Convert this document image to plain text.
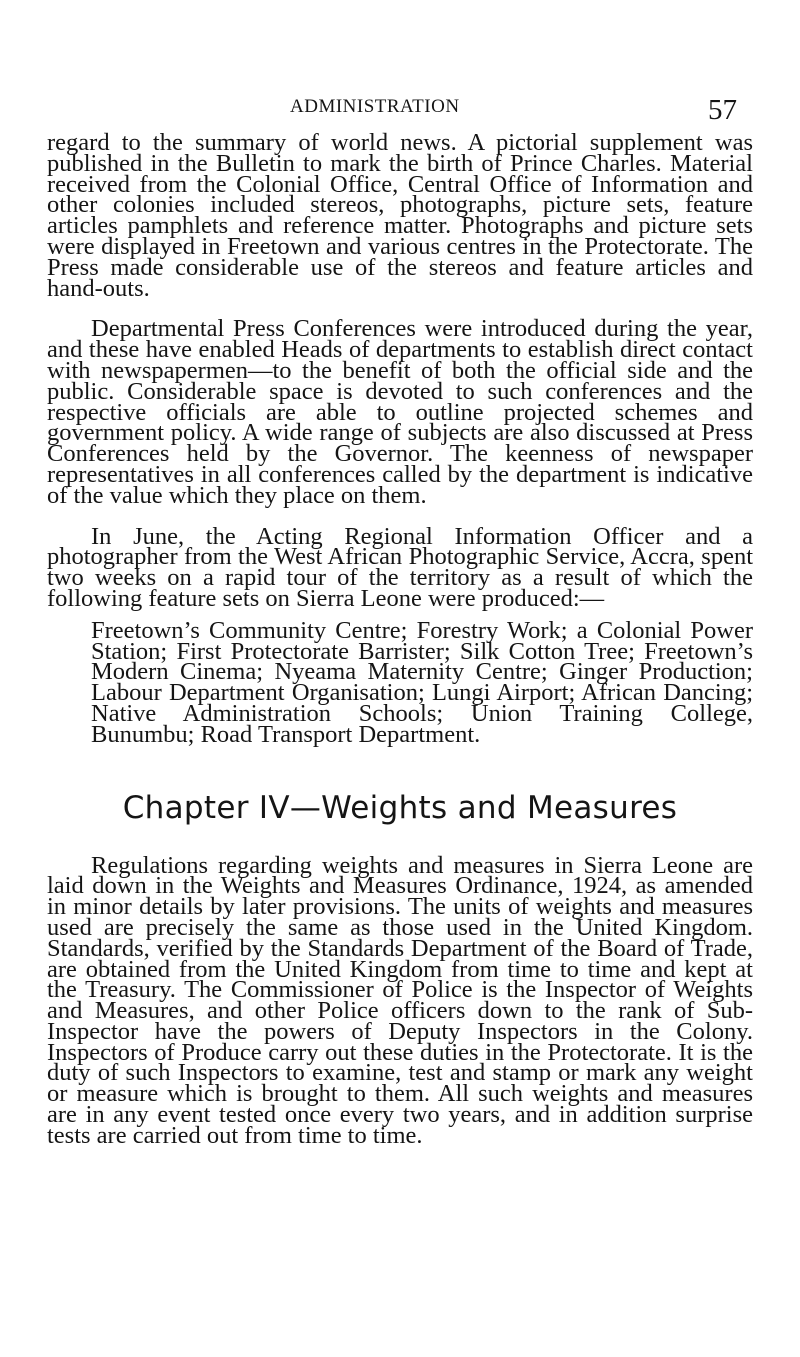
ADMINISTRATION	57

regard to the summary of world news. A pictorial supplement was published in the Bulletin to mark the birth of Prince Charles. Material received from the Colonial Office, Central Office of Information and other colonies included stereos, photographs, picture sets, feature articles pamphlets and reference matter. Photographs and picture sets were displayed in Freetown and various centres in the Protectorate. The Press made considerable use of the stereos and feature articles and hand-outs.

Departmental Press Conferences were introduced during the year, and these have enabled Heads of departments to establish direct contact with newspapermen—to the benefit of both the official side and the public. Considerable space is devoted to such conferences and the respective officials are able to outline projected schemes and government policy. A wide range of subjects are also discussed at Press Conferences held by the Governor. The keenness of newspaper representatives in all conferences called by the department is indicative of the value which they place on them.

In June, the Acting Regional Information Officer and a photographer from the West African Photographic Service, Accra, spent two weeks on a rapid tour of the territory as a result of which the following feature sets on Sierra Leone were produced:—

Freetown’s Community Centre; Forestry Work; a Colonial Power Station; First Protectorate Barrister; Silk Cotton Tree; Freetown’s Modern Cinema; Nyeama Maternity Centre; Ginger Production; Labour Department Organisation; Lungi Airport; African Dancing; Native Administration Schools; Union Training College, Bunumbu; Road Transport Department.
Chapter IV—Weights and Measures

Regulations regarding weights and measures in Sierra Leone are laid down in the Weights and Measures Ordinance, 1924, as amended in minor details by later provisions. The units of weights and measures used are precisely the same as those used in the United Kingdom. Standards, verified by the Standards Department of the Board of Trade, are obtained from the United Kingdom from time to time and kept at the Treasury. The Commissioner of Police is the Inspector of Weights and Measures, and other Police officers down to the rank of Sub-Inspector have the powers of Deputy Inspectors in the Colony. Inspectors of Produce carry out these duties in the Protectorate. It is the duty of such Inspectors to examine, test and stamp or mark any weight or measure which is brought to them. All such weights and measures are in any event tested once every two years, and in addition surprise tests are carried out from time to time.
